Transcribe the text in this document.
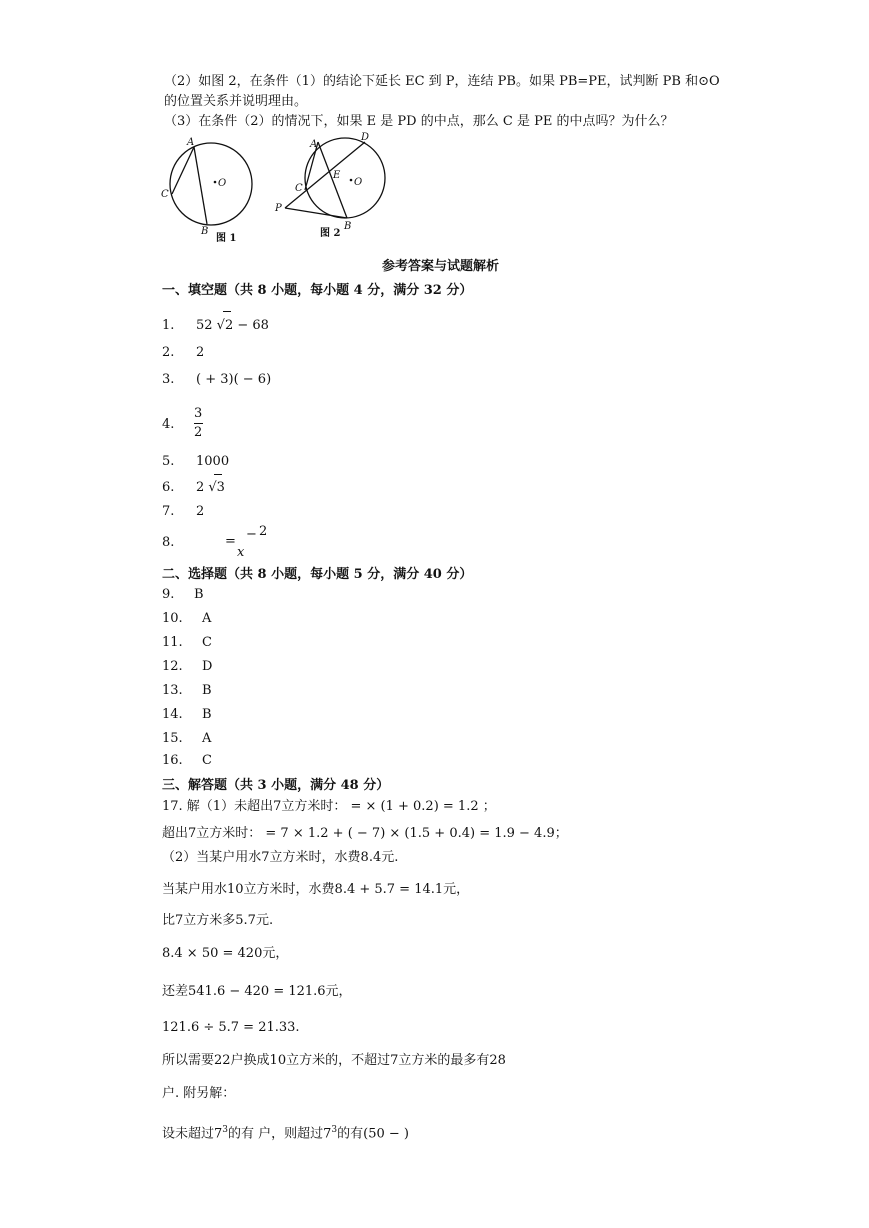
（2）如图 2，在条件（1）的结论下延长 EC 到 P，连结 PB。如果 PB=PE，试判断 PB 和⊙O
的位置关系并说明理由。
（3）在条件（2）的情况下，如果 E 是 PD 的中点，那么 C 是 PE 的中点吗？为什么？
A
C
O
B
图 1
A
D
E
O
C
P
B
图 2
参考答案与试题解析
一、填空题（共 8 小题，每小题 4 分，满分 32 分）
1. 52 √2 − 68
2. 2
3. ( + 3)( − 6)
4.
3
2
5. 1000
6. 2 √3
7. 2
8.	= − 2
x
二、选择题（共 8 小题，每小题 5 分，满分 40 分）
9. B
10. A
11. C
12. D
13. B
14. B
15. A
16. C
三、解答题（共 3 小题，满分 48 分）
17. 解（1）未超出7立方米时： = × (1 + 0.2) = 1.2 ；
超出7立方米时： = 7 × 1.2 + ( − 7) × (1.5 + 0.4) = 1.9 − 4.9；
（2）当某户用水7立方米时，水费8.4元.
当某户用水10立方米时，水费8.4 + 5.7 = 14.1元，
比7立方米多5.7元.
8.4 × 50 = 420元，
还差541.6 − 420 = 121.6元，
121.6 ÷ 5.7 = 21.33.
所以需要22户换成10立方米的，不超过7立方米的最多有28
户. 附另解：
设未超过$7^3$的有 户，则超过$7^3$的有(50 − )
